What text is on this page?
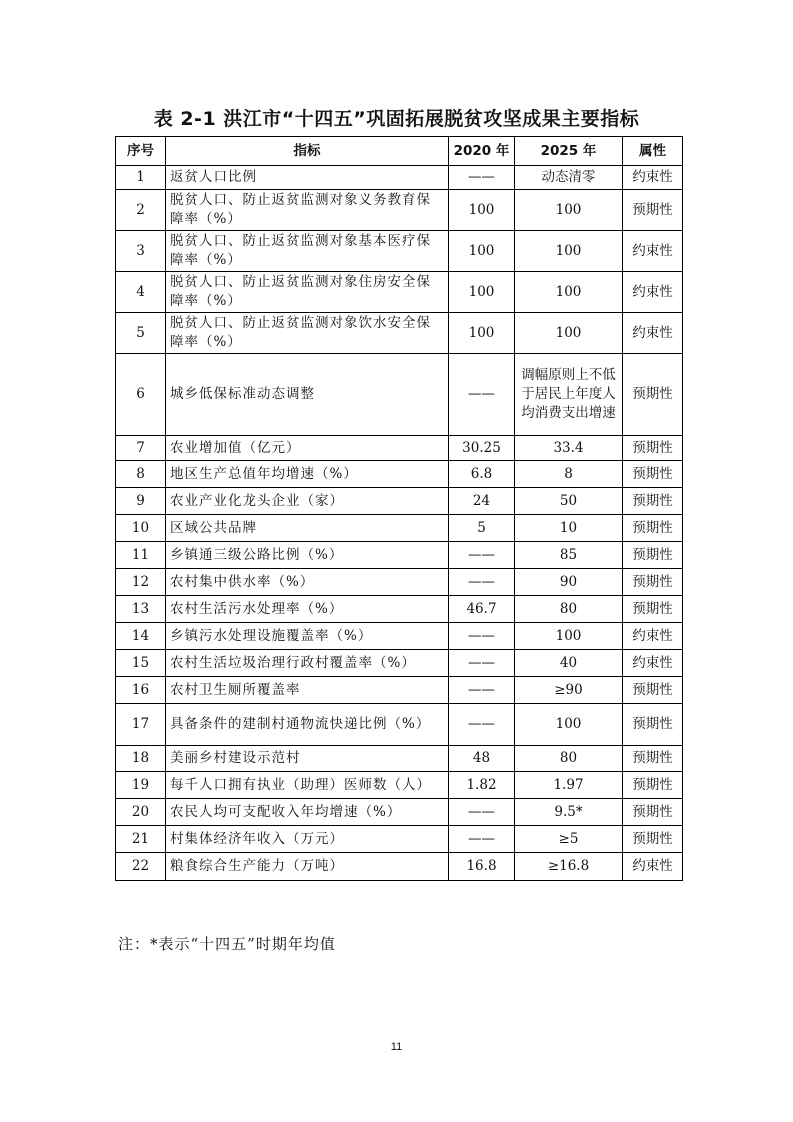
表 2-1 洪江市“十四五”巩固拓展脱贫攻坚成果主要指标
序号	指标	2020 年	2025 年	属性
1	返贫人口比例	——	动态清零	约束性
2	脱贫人口、防止返贫监测对象义务教育保障率（%）	100	100	预期性
3	脱贫人口、防止返贫监测对象基本医疗保障率（%）	100	100	约束性
4	脱贫人口、防止返贫监测对象住房安全保障率（%）	100	100	约束性
5	脱贫人口、防止返贫监测对象饮水安全保障率（%）	100	100	约束性
6	城乡低保标准动态调整	——	调幅原则上不低于居民上年度人均消费支出增速	预期性
7	农业增加值（亿元）	30.25	33.4	预期性
8	地区生产总值年均增速（%）	6.8	8	预期性
9	农业产业化龙头企业（家）	24	50	预期性
10	区域公共品牌	5	10	预期性
11	乡镇通三级公路比例（%）	——	85	预期性
12	农村集中供水率（%）	——	90	预期性
13	农村生活污水处理率（%）	46.7	80	预期性
14	乡镇污水处理设施覆盖率（%）	——	100	约束性
15	农村生活垃圾治理行政村覆盖率（%）	——	40	约束性
16	农村卫生厕所覆盖率	——	≥90	预期性
17	具备条件的建制村通物流快递比例（%）	——	100	预期性
18	美丽乡村建设示范村	48	80	预期性
19	每千人口拥有执业（助理）医师数（人）	1.82	1.97	预期性
20	农民人均可支配收入年均增速（%）	——	9.5*	预期性
21	村集体经济年收入（万元）	——	≥5	预期性
22	粮食综合生产能力（万吨）	16.8	≥16.8	约束性
注：*表示“十四五”时期年均值
11
